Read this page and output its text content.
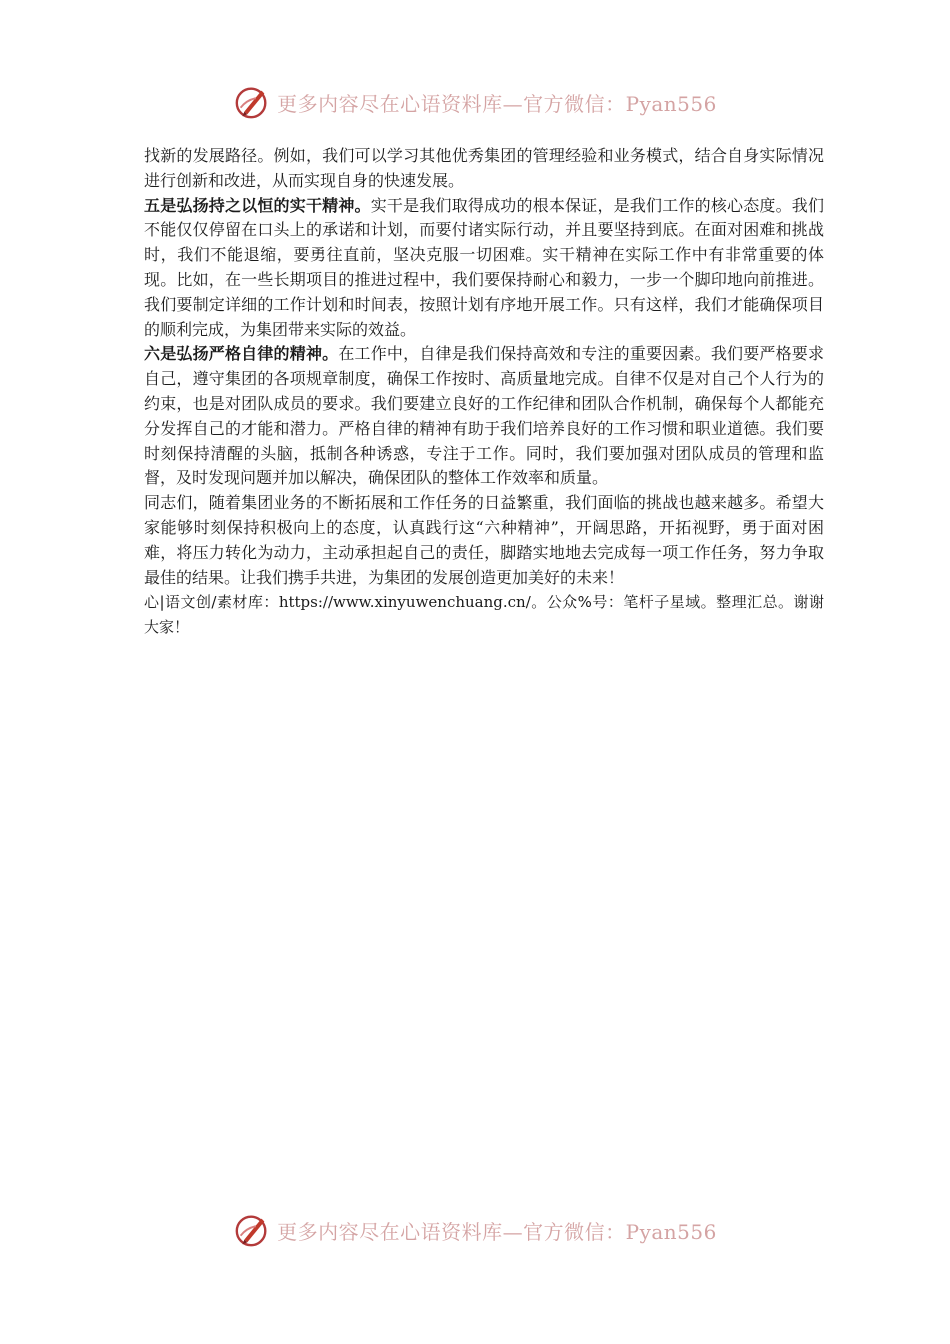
更多内容尽在心语资料库—官方微信：Pyan556

找新的发展路径。例如，我们可以学习其他优秀集团的管理经验和业务模式，结合自身实际情况进行创新和改进，从而实现自身的快速发展。

五是弘扬持之以恒的实干精神。实干是我们取得成功的根本保证，是我们工作的核心态度。我们不能仅仅停留在口头上的承诺和计划，而要付诸实际行动，并且要坚持到底。在面对困难和挑战时，我们不能退缩，要勇往直前，坚决克服一切困难。实干精神在实际工作中有非常重要的体现。比如，在一些长期项目的推进过程中，我们要保持耐心和毅力，一步一个脚印地向前推进。我们要制定详细的工作计划和时间表，按照计划有序地开展工作。只有这样，我们才能确保项目的顺利完成，为集团带来实际的效益。

六是弘扬严格自律的精神。在工作中，自律是我们保持高效和专注的重要因素。我们要严格要求自己，遵守集团的各项规章制度，确保工作按时、高质量地完成。自律不仅是对自己个人行为的约束，也是对团队成员的要求。我们要建立良好的工作纪律和团队合作机制，确保每个人都能充分发挥自己的才能和潜力。严格自律的精神有助于我们培养良好的工作习惯和职业道德。我们要时刻保持清醒的头脑，抵制各种诱惑，专注于工作。同时，我们要加强对团队成员的管理和监督，及时发现问题并加以解决，确保团队的整体工作效率和质量。

同志们，随着集团业务的不断拓展和工作任务的日益繁重，我们面临的挑战也越来越多。希望大家能够时刻保持积极向上的态度，认真践行这“六种精神”，开阔思路，开拓视野，勇于面对困难，将压力转化为动力，主动承担起自己的责任，脚踏实地地去完成每一项工作任务，努力争取最佳的结果。让我们携手共进，为集团的发展创造更加美好的未来！

心|语文创/素材库：https://www.xinyuwenchuang.cn/。公众%号：笔杆子星域。整理汇总。谢谢大家！

更多内容尽在心语资料库—官方微信：Pyan556
